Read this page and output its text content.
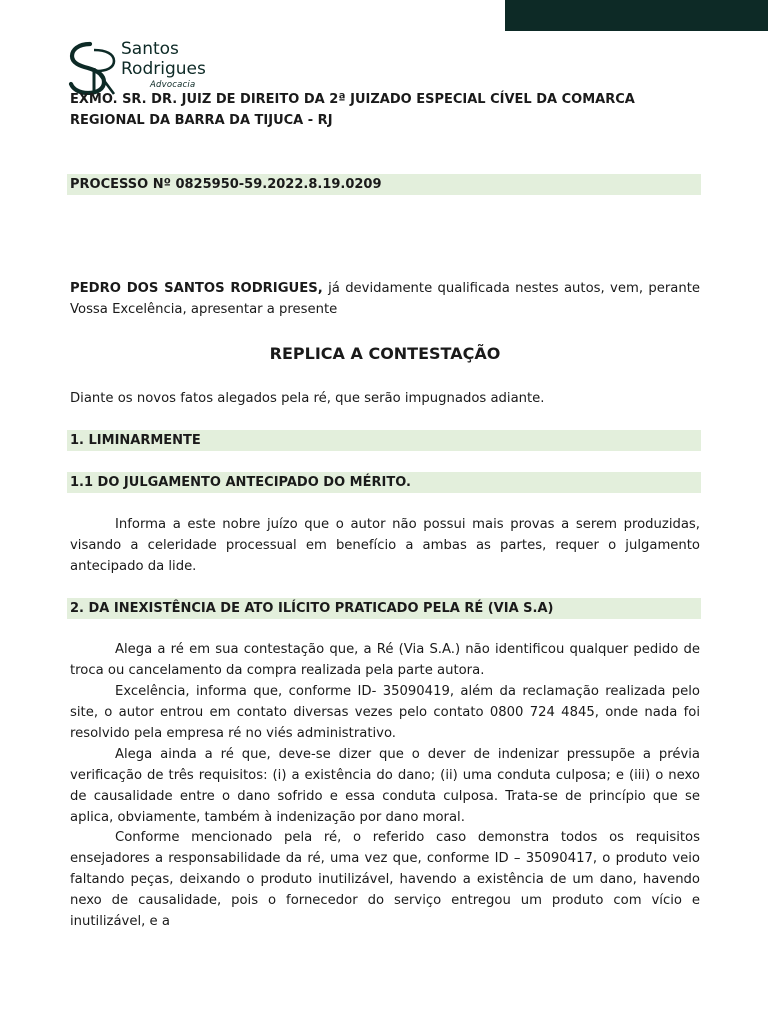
Santos
Rodrigues
Advocacia
EXMO. SR. DR. JUIZ DE DIREITO DA 2ª JUIZADO ESPECIAL CÍVEL DA COMARCA REGIONAL DA BARRA DA TIJUCA - RJ
PROCESSO Nº 0825950-59.2022.8.19.0209
PEDRO DOS SANTOS RODRIGUES, já devidamente qualificada nestes autos, vem, perante Vossa Excelência, apresentar a presente
REPLICA A CONTESTAÇÃO
Diante os novos fatos alegados pela ré, que serão impugnados adiante.
1. LIMINARMENTE
1.1 DO JULGAMENTO ANTECIPADO DO MÉRITO.
Informa a este nobre juízo que o autor não possui mais provas a serem produzidas, visando a celeridade processual em benefício a ambas as partes, requer o julgamento antecipado da lide.
2. DA INEXISTÊNCIA DE ATO ILÍCITO PRATICADO PELA RÉ (VIA S.A)
Alega a ré em sua contestação que, a Ré (Via S.A.) não identificou qualquer pedido de troca ou cancelamento da compra realizada pela parte autora.
Excelência, informa que, conforme ID- 35090419, além da reclamação realizada pelo site, o autor entrou em contato diversas vezes pelo contato 0800 724 4845, onde nada foi resolvido pela empresa ré no viés administrativo.
Alega ainda a ré que, deve-se dizer que o dever de indenizar pressupõe a prévia verificação de três requisitos: (i) a existência do dano; (ii) uma conduta culposa; e (iii) o nexo de causalidade entre o dano sofrido e essa conduta culposa. Trata-se de princípio que se aplica, obviamente, também à indenização por dano moral.
Conforme mencionado pela ré, o referido caso demonstra todos os requisitos ensejadores a responsabilidade da ré, uma vez que, conforme ID – 35090417, o produto veio faltando peças, deixando o produto inutilizável, havendo a existência de um dano, havendo nexo de causalidade, pois o fornecedor do serviço entregou um produto com vício e inutilizável, e a
